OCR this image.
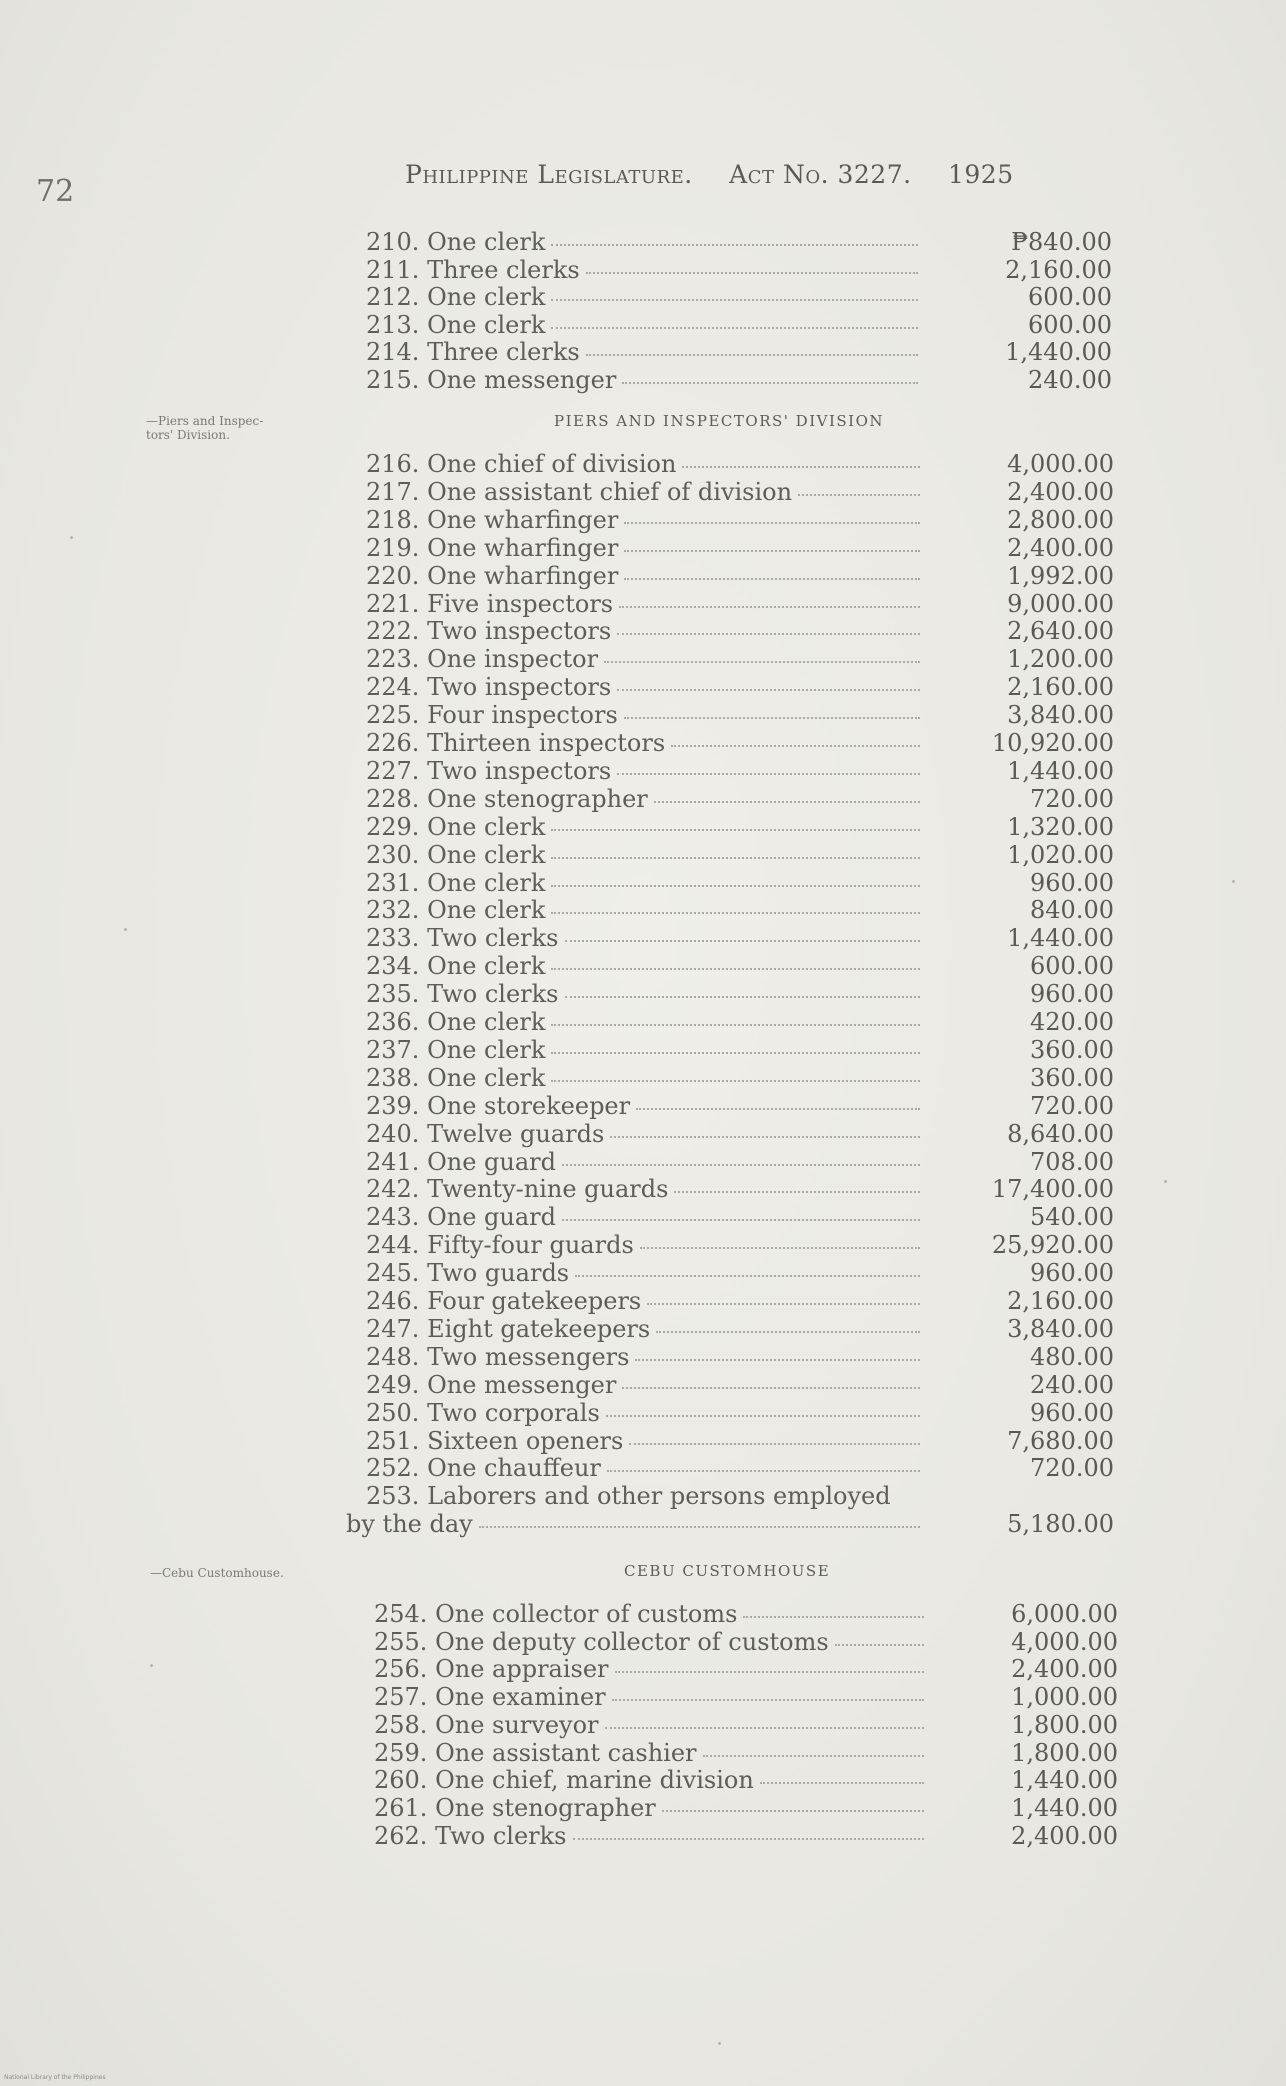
72	Philippine Legislature. Act No. 3227. 1925
210. One clerk	₱840.00
211. Three clerks	2,160.00
212. One clerk	600.00
213. One clerk	600.00
214. Three clerks	1,440.00
215. One messenger	240.00
216. One chief of division	4,000.00
217. One assistant chief of division	2,400.00
218. One wharfinger	2,800.00
219. One wharfinger	2,400.00
220. One wharfinger	1,992.00
221. Five inspectors	9,000.00
222. Two inspectors	2,640.00
223. One inspector	1,200.00
224. Two inspectors	2,160.00
225. Four inspectors	3,840.00
226. Thirteen inspectors	10,920.00
227. Two inspectors	1,440.00
228. One stenographer	720.00
229. One clerk	1,320.00
230. One clerk	1,020.00
231. One clerk	960.00
232. One clerk	840.00
233. Two clerks	1,440.00
234. One clerk	600.00
235. Two clerks	960.00
236. One clerk	420.00
237. One clerk	360.00
238. One clerk	360.00
239. One storekeeper	720.00
240. Twelve guards	8,640.00
241. One guard	708.00
242. Twenty-nine guards	17,400.00
243. One guard	540.00
244. Fifty-four guards	25,920.00
245. Two guards	960.00
246. Four gatekeepers	2,160.00
247. Eight gatekeepers	3,840.00
248. Two messengers	480.00
249. One messenger	240.00
250. Two corporals	960.00
251. Sixteen openers	7,680.00
252. One chauffeur	720.00
253. Laborers and other persons employed
by the day	5,180.00
254. One collector of customs	6,000.00
255. One deputy collector of customs	4,000.00
256. One appraiser	2,400.00
257. One examiner	1,000.00
258. One surveyor	1,800.00
259. One assistant cashier	1,800.00
260. One chief, marine division	1,440.00
261. One stenographer	1,440.00
262. Two clerks	2,400.00
National Library of the Philippines
PIERS AND INSPECTORS' DIVISION
—Piers and Inspec-
tors' Division.
CEBU CUSTOMHOUSE
—Cebu Customhouse.
